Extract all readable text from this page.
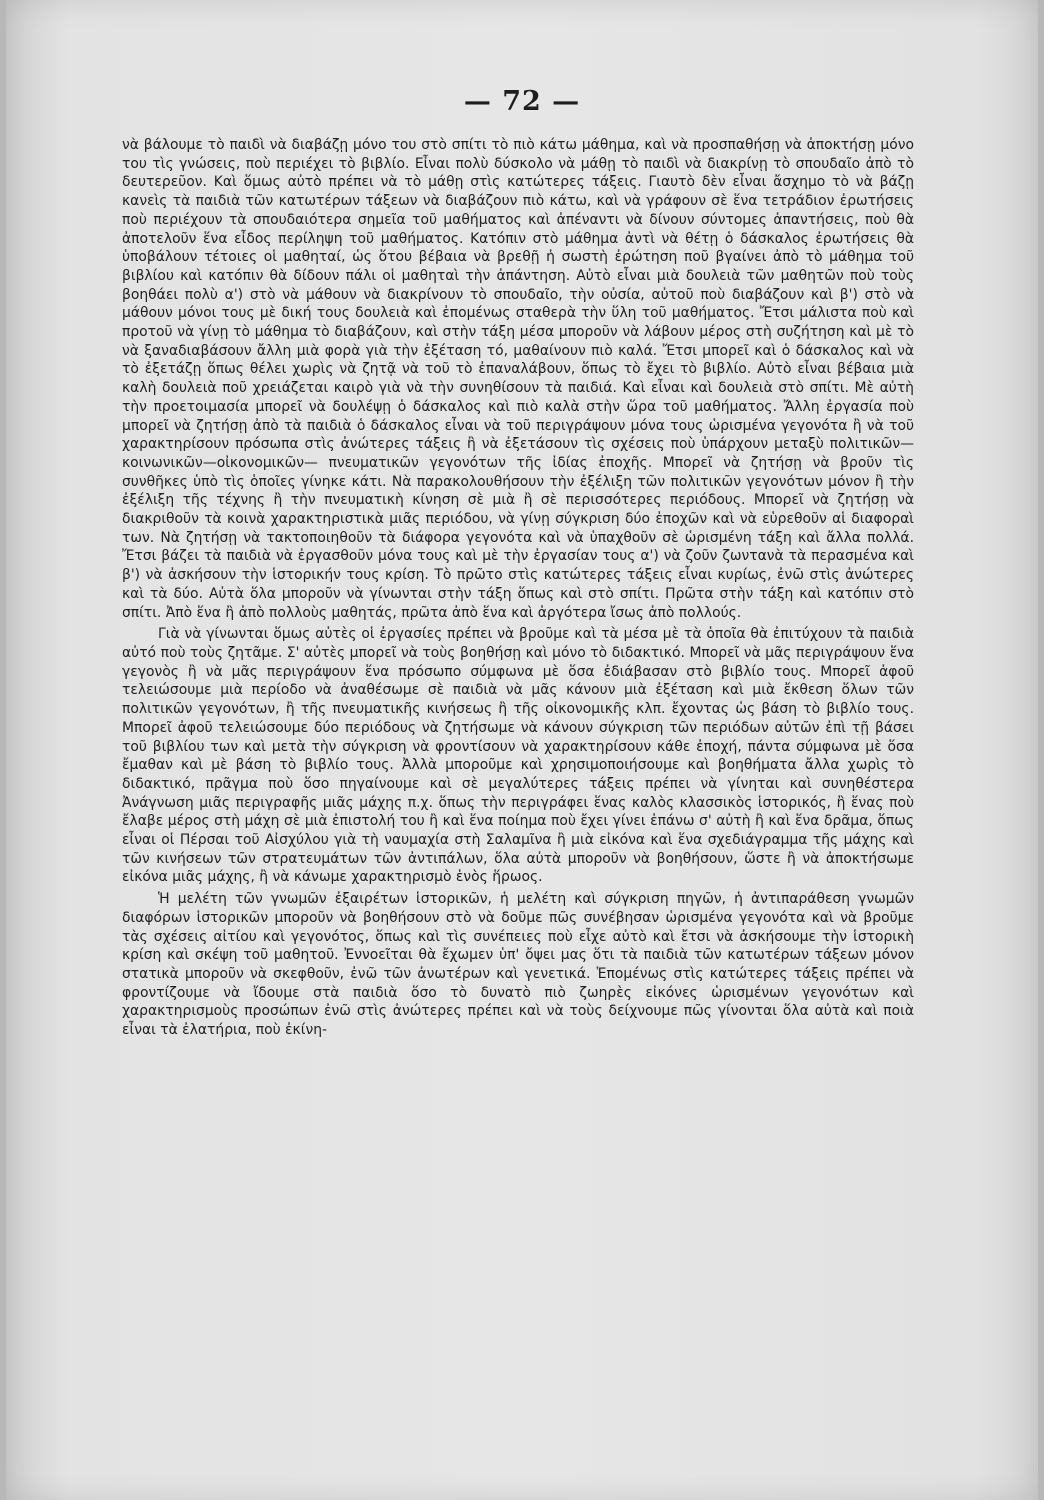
— 72 —

νὰ βάλουμε τὸ παιδὶ νὰ διαβάζῃ μόνο του στὸ σπίτι τὸ πιὸ κάτω μάθημα, καὶ νὰ προσπαθήσῃ νὰ ἀποκτήσῃ μόνο του τὶς γνώσεις, ποὺ περιέχει τὸ βιβλίο. Εἶναι πολὺ δύσκολο νὰ μάθῃ τὸ παιδὶ νὰ διακρίνῃ τὸ σπουδαῖο ἀπὸ τὸ δευτερεῦον. Καὶ ὅμως αὐτὸ πρέπει νὰ τὸ μάθῃ στὶς κατώτερες τάξεις. Γιαυτὸ δὲν εἶναι ἄσχημο τὸ νὰ βάζῃ κανεὶς τὰ παιδιὰ τῶν κατωτέρων τάξεων νὰ διαβάζουν πιὸ κάτω, καὶ νὰ γράφουν σὲ ἕνα τετράδιον ἐρωτήσεις ποὺ περιέχουν τὰ σπουδαιότερα σημεῖα τοῦ μαθήματος καὶ ἀπέναντι νὰ δίνουν σύντομες ἀπαντήσεις, ποὺ θὰ ἀποτελοῦν ἕνα εἶδος περίληψη τοῦ μαθήματος. Κατόπιν στὸ μάθημα ἀντὶ νὰ θέτῃ ὁ δάσκαλος ἐρωτήσεις θὰ ὑποβάλουν τέτοιες οἱ μαθηταί, ὡς ὅτου βέβαια νὰ βρεθῇ ἡ σωστὴ ἐρώτηση ποῦ βγαίνει ἀπὸ τὸ μάθημα τοῦ βιβλίου καὶ κατόπιν θὰ δίδουν πάλι οἱ μαθηταὶ τὴν ἀπάντηση. Αὐτὸ εἶναι μιὰ δουλειὰ τῶν μαθητῶν ποὺ τοὺς βοηθάει πολὺ α') στὸ νὰ μάθουν νὰ διακρίνουν τὸ σπουδαῖο, τὴν οὐσία, αὐτοῦ ποὺ διαβάζουν καὶ β') στὸ νὰ μάθουν μόνοι τους μὲ δική τους δουλειὰ καὶ ἐπομένως σταθερὰ τὴν ὕλη τοῦ μαθήματος. Ἔτσι μάλιστα ποὺ καὶ προτοῦ νὰ γίνῃ τὸ μάθημα τὸ διαβάζουν, καὶ στὴν τάξη μέσα μποροῦν νὰ λάβουν μέρος στὴ συζήτηση καὶ μὲ τὸ νὰ ξαναδιαβάσουν ἄλλη μιὰ φορὰ γιὰ τὴν ἐξέταση τό, μαθαίνουν πιὸ καλά. Ἔτσι μπορεῖ καὶ ὁ δάσκαλος καὶ νὰ τὸ ἐξετάζῃ ὅπως θέλει χωρὶς νὰ ζητᾷ νὰ τοῦ τὸ ἐπαναλάβουν, ὅπως τὸ ἔχει τὸ βιβλίο. Αὐτὸ εἶναι βέβαια μιὰ καλὴ δουλειὰ ποῦ χρειάζεται καιρὸ γιὰ νὰ τὴν συνηθίσουν τὰ παιδιά. Καὶ εἶναι καὶ δουλειὰ στὸ σπίτι. Μὲ αὐτὴ τὴν προετοιμασία μπορεῖ νὰ δουλέψῃ ὁ δάσκαλος καὶ πιὸ καλὰ στὴν ὥρα τοῦ μαθήματος. Ἄλλη ἐργασία ποὺ μπορεῖ νὰ ζητήσῃ ἀπὸ τὰ παιδιὰ ὁ δάσκαλος εἶναι νὰ τοῦ περιγράψουν μόνα τους ὡρισμένα γεγονότα ἢ νὰ τοῦ χαρακτηρίσουν πρόσωπα στὶς ἀνώτερες τάξεις ἢ νὰ ἐξετάσουν τὶς σχέσεις ποὺ ὑπάρχουν μεταξὺ πολιτικῶν—κοινωνικῶν—οἰκονομικῶν— πνευματικῶν γεγονότων τῆς ἰδίας ἐποχῆς. Μπορεῖ νὰ ζητήσῃ νὰ βροῦν τὶς συνθῆκες ὑπὸ τὶς ὁποῖες γίνηκε κάτι. Νὰ παρακολουθήσουν τὴν ἐξέλιξη τῶν πολιτικῶν γεγονότων μόνον ἢ τὴν ἐξέλιξη τῆς τέχνης ἢ τὴν πνευματικὴ κίνηση σὲ μιὰ ἢ σὲ περισσότερες περιόδους. Μπορεῖ νὰ ζητήσῃ νὰ διακριθοῦν τὰ κοινὰ χαρακτηριστικὰ μιᾶς περιόδου, νὰ γίνῃ σύγκριση δύο ἐποχῶν καὶ νὰ εὑρεθοῦν αἱ διαφοραὶ των. Νὰ ζητήσῃ νὰ τακτοποιηθοῦν τὰ διάφορα γεγονότα καὶ νὰ ὑπαχθοῦν σὲ ὡρισμένη τάξη καὶ ἄλλα πολλά. Ἔτσι βάζει τὰ παιδιὰ νὰ ἐργασθοῦν μόνα τους καὶ μὲ τὴν ἐργασίαν τους α') νὰ ζοῦν ζωντανὰ τὰ περασμένα καὶ β') νὰ ἀσκήσουν τὴν ἱστορικήν τους κρίση. Τὸ πρῶτο στὶς κατώτερες τάξεις εἶναι κυρίως, ἐνῶ στὶς ἀνώτερες καὶ τὰ δύο. Αὐτὰ ὅλα μποροῦν νὰ γίνωνται στὴν τάξη ὅπως καὶ στὸ σπίτι. Πρῶτα στὴν τάξη καὶ κατόπιν στὸ σπίτι. Ἀπὸ ἕνα ἢ ἀπὸ πολλοὺς μαθητάς, πρῶτα ἀπὸ ἕνα καὶ ἀργότερα ἴσως ἀπὸ πολλούς.

Γιὰ νὰ γίνωνται ὅμως αὐτὲς οἱ ἐργασίες πρέπει νὰ βροῦμε καὶ τὰ μέσα μὲ τὰ ὁποῖα θὰ ἐπιτύχουν τὰ παιδιὰ αὐτό ποὺ τοὺς ζητᾶμε. Σ' αὐτὲς μπορεῖ νὰ τοὺς βοηθήσῃ καὶ μόνο τὸ διδακτικό. Μπορεῖ νὰ μᾶς περιγράψουν ἕνα γεγονὸς ἢ νὰ μᾶς περιγράψουν ἕνα πρόσωπο σύμφωνα μὲ ὅσα ἐδιάβασαν στὸ βιβλίο τους. Μπορεῖ ἀφοῦ τελειώσουμε μιὰ περίοδο νὰ ἀναθέσωμε σὲ παιδιὰ νὰ μᾶς κάνουν μιὰ ἐξέταση καὶ μιὰ ἔκθεση ὅλων τῶν πολιτικῶν γεγονότων, ἢ τῆς πνευματικῆς κινήσεως ἢ τῆς οἰκονομικῆς κλπ. ἔχοντας ὡς βάση τὸ βιβλίο τους. Μπορεῖ ἀφοῦ τελειώσουμε δύο περιόδους νὰ ζητήσωμε νὰ κάνουν σύγκριση τῶν περιόδων αὐτῶν ἐπὶ τῇ βάσει τοῦ βιβλίου των καὶ μετὰ τὴν σύγκριση νὰ φροντίσουν νὰ χαρακτηρίσουν κάθε ἐποχή, πάντα σύμφωνα μὲ ὅσα ἔμαθαν καὶ μὲ βάση τὸ βιβλίο τους. Ἀλλὰ μποροῦμε καὶ χρησιμοποιήσουμε καὶ βοηθήματα ἄλλα χωρὶς τὸ διδακτικό, πρᾶγμα ποὺ ὅσο πηγαίνουμε καὶ σὲ μεγαλύτερες τάξεις πρέπει νὰ γίνηται καὶ συνηθέστερα Ἀνάγνωση μιᾶς περιγραφῆς μιᾶς μάχης π.χ. ὅπως τὴν περιγράφει ἕνας καλὸς κλασσικὸς ἱστορικός, ἢ ἕνας ποὺ ἔλαβε μέρος στὴ μάχη σὲ μιὰ ἐπιστολή του ἢ καὶ ἕνα ποίημα ποὺ ἔχει γίνει ἐπάνω σ' αὐτὴ ἢ καὶ ἕνα δρᾶμα, ὅπως εἶναι οἱ Πέρσαι τοῦ Αἰσχύλου γιὰ τὴ ναυμαχία στὴ Σαλαμῖνα ἢ μιὰ εἰκόνα καὶ ἕνα σχεδιάγραμμα τῆς μάχης καὶ τῶν κινήσεων τῶν στρατευμάτων τῶν ἀντιπάλων, ὅλα αὐτὰ μποροῦν νὰ βοηθήσουν, ὥστε ἢ νὰ ἀποκτήσωμε εἰκόνα μιᾶς μάχης, ἢ νὰ κάνωμε χαρακτηρισμὸ ἑνὸς ἥρωος.

Ἡ μελέτη τῶν γνωμῶν ἐξαιρέτων ἱστορικῶν, ἡ μελέτη καὶ σύγκριση πηγῶν, ἡ ἀντιπαράθεση γνωμῶν διαφόρων ἱστορικῶν μποροῦν νὰ βοηθήσουν στὸ νὰ δοῦμε πῶς συνέβησαν ὡρισμένα γεγονότα καὶ νὰ βροῦμε τὰς σχέσεις αἰτίου καὶ γεγονότος, ὅπως καὶ τὶς συνέπειες ποὺ εἶχε αὐτὸ καὶ ἔτσι νὰ ἀσκήσουμε τὴν ἱστορικὴ κρίση καὶ σκέψη τοῦ μαθητοῦ. Ἐννοεῖται θὰ ἔχωμεν ὑπ' ὄψει μας ὅτι τὰ παιδιὰ τῶν κατωτέρων τάξεων μόνον στατικὰ μποροῦν νὰ σκεφθοῦν, ἐνῶ τῶν ἀνωτέρων καὶ γενετικά. Ἑπομένως στὶς κατώτερες τάξεις πρέπει νὰ φροντίζουμε νὰ ἴδουμε στὰ παιδιὰ ὅσο τὸ δυνατὸ πιὸ ζωηρὲς εἰκόνες ὡρισμένων γεγονότων καὶ χαρακτηρισμοὺς προσώπων ἐνῶ στὶς ἀνώτερες πρέπει καὶ νὰ τοὺς δείχνουμε πῶς γίνονται ὅλα αὐτὰ καὶ ποιὰ εἶναι τὰ ἐλατήρια, ποὺ ἐκίνη-
